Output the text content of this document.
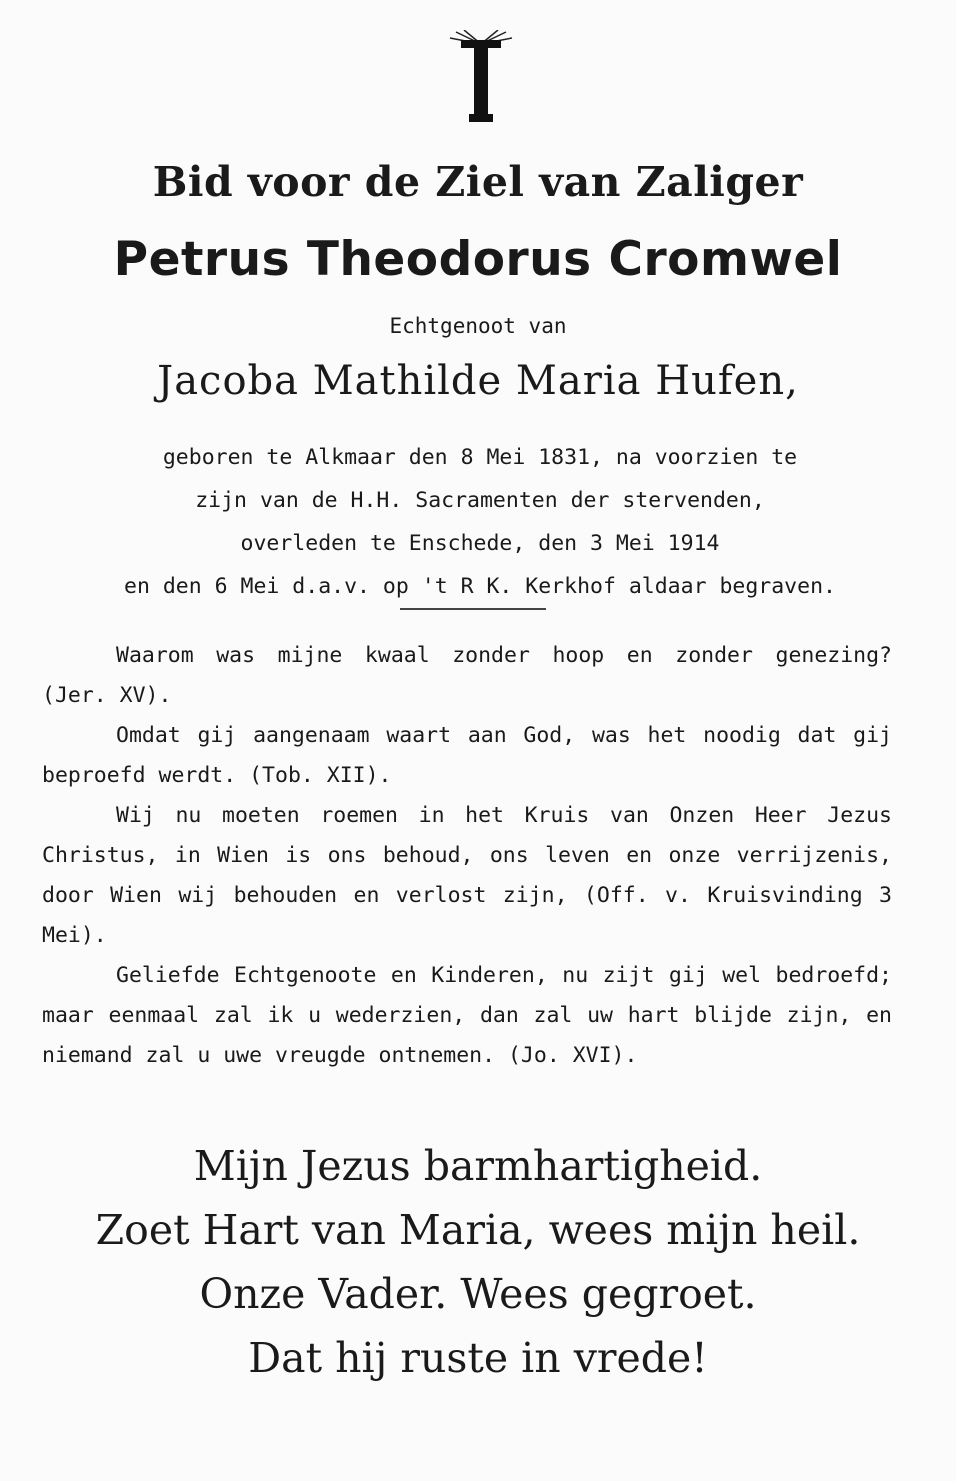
Bid voor de Ziel van Zaliger
Petrus Theodorus Cromwel
Echtgenoot van
Jacoba Mathilde Maria Hufen,
geboren te Alkmaar den 8 Mei 1831, na voorzien te
zijn van de H.H. Sacramenten der stervenden,
overleden te Enschede, den 3 Mei 1914
en den 6 Mei d.a.v. op 't R K. Kerkhof aldaar begraven.

Waarom was mijne kwaal zonder hoop en zonder genezing? (Jer. XV).

Omdat gij aangenaam waart aan God, was het noodig dat gij beproefd werdt. (Tob. XII).

Wij nu moeten roemen in het Kruis van Onzen Heer Jezus Christus, in Wien is ons behoud, ons leven en onze verrijzenis, door Wien wij behouden en verlost zijn, (Off. v. Kruisvinding 3 Mei).

Geliefde Echtgenoote en Kinderen, nu zijt gij wel bedroefd; maar eenmaal zal ik u wederzien, dan zal uw hart blijde zijn, en niemand zal u uwe vreugde ontnemen. (Jo. XVI).

Mijn Jezus barmhartigheid.
Zoet Hart van Maria, wees mijn heil.
Onze Vader. Wees gegroet.
Dat hij ruste in vrede!
